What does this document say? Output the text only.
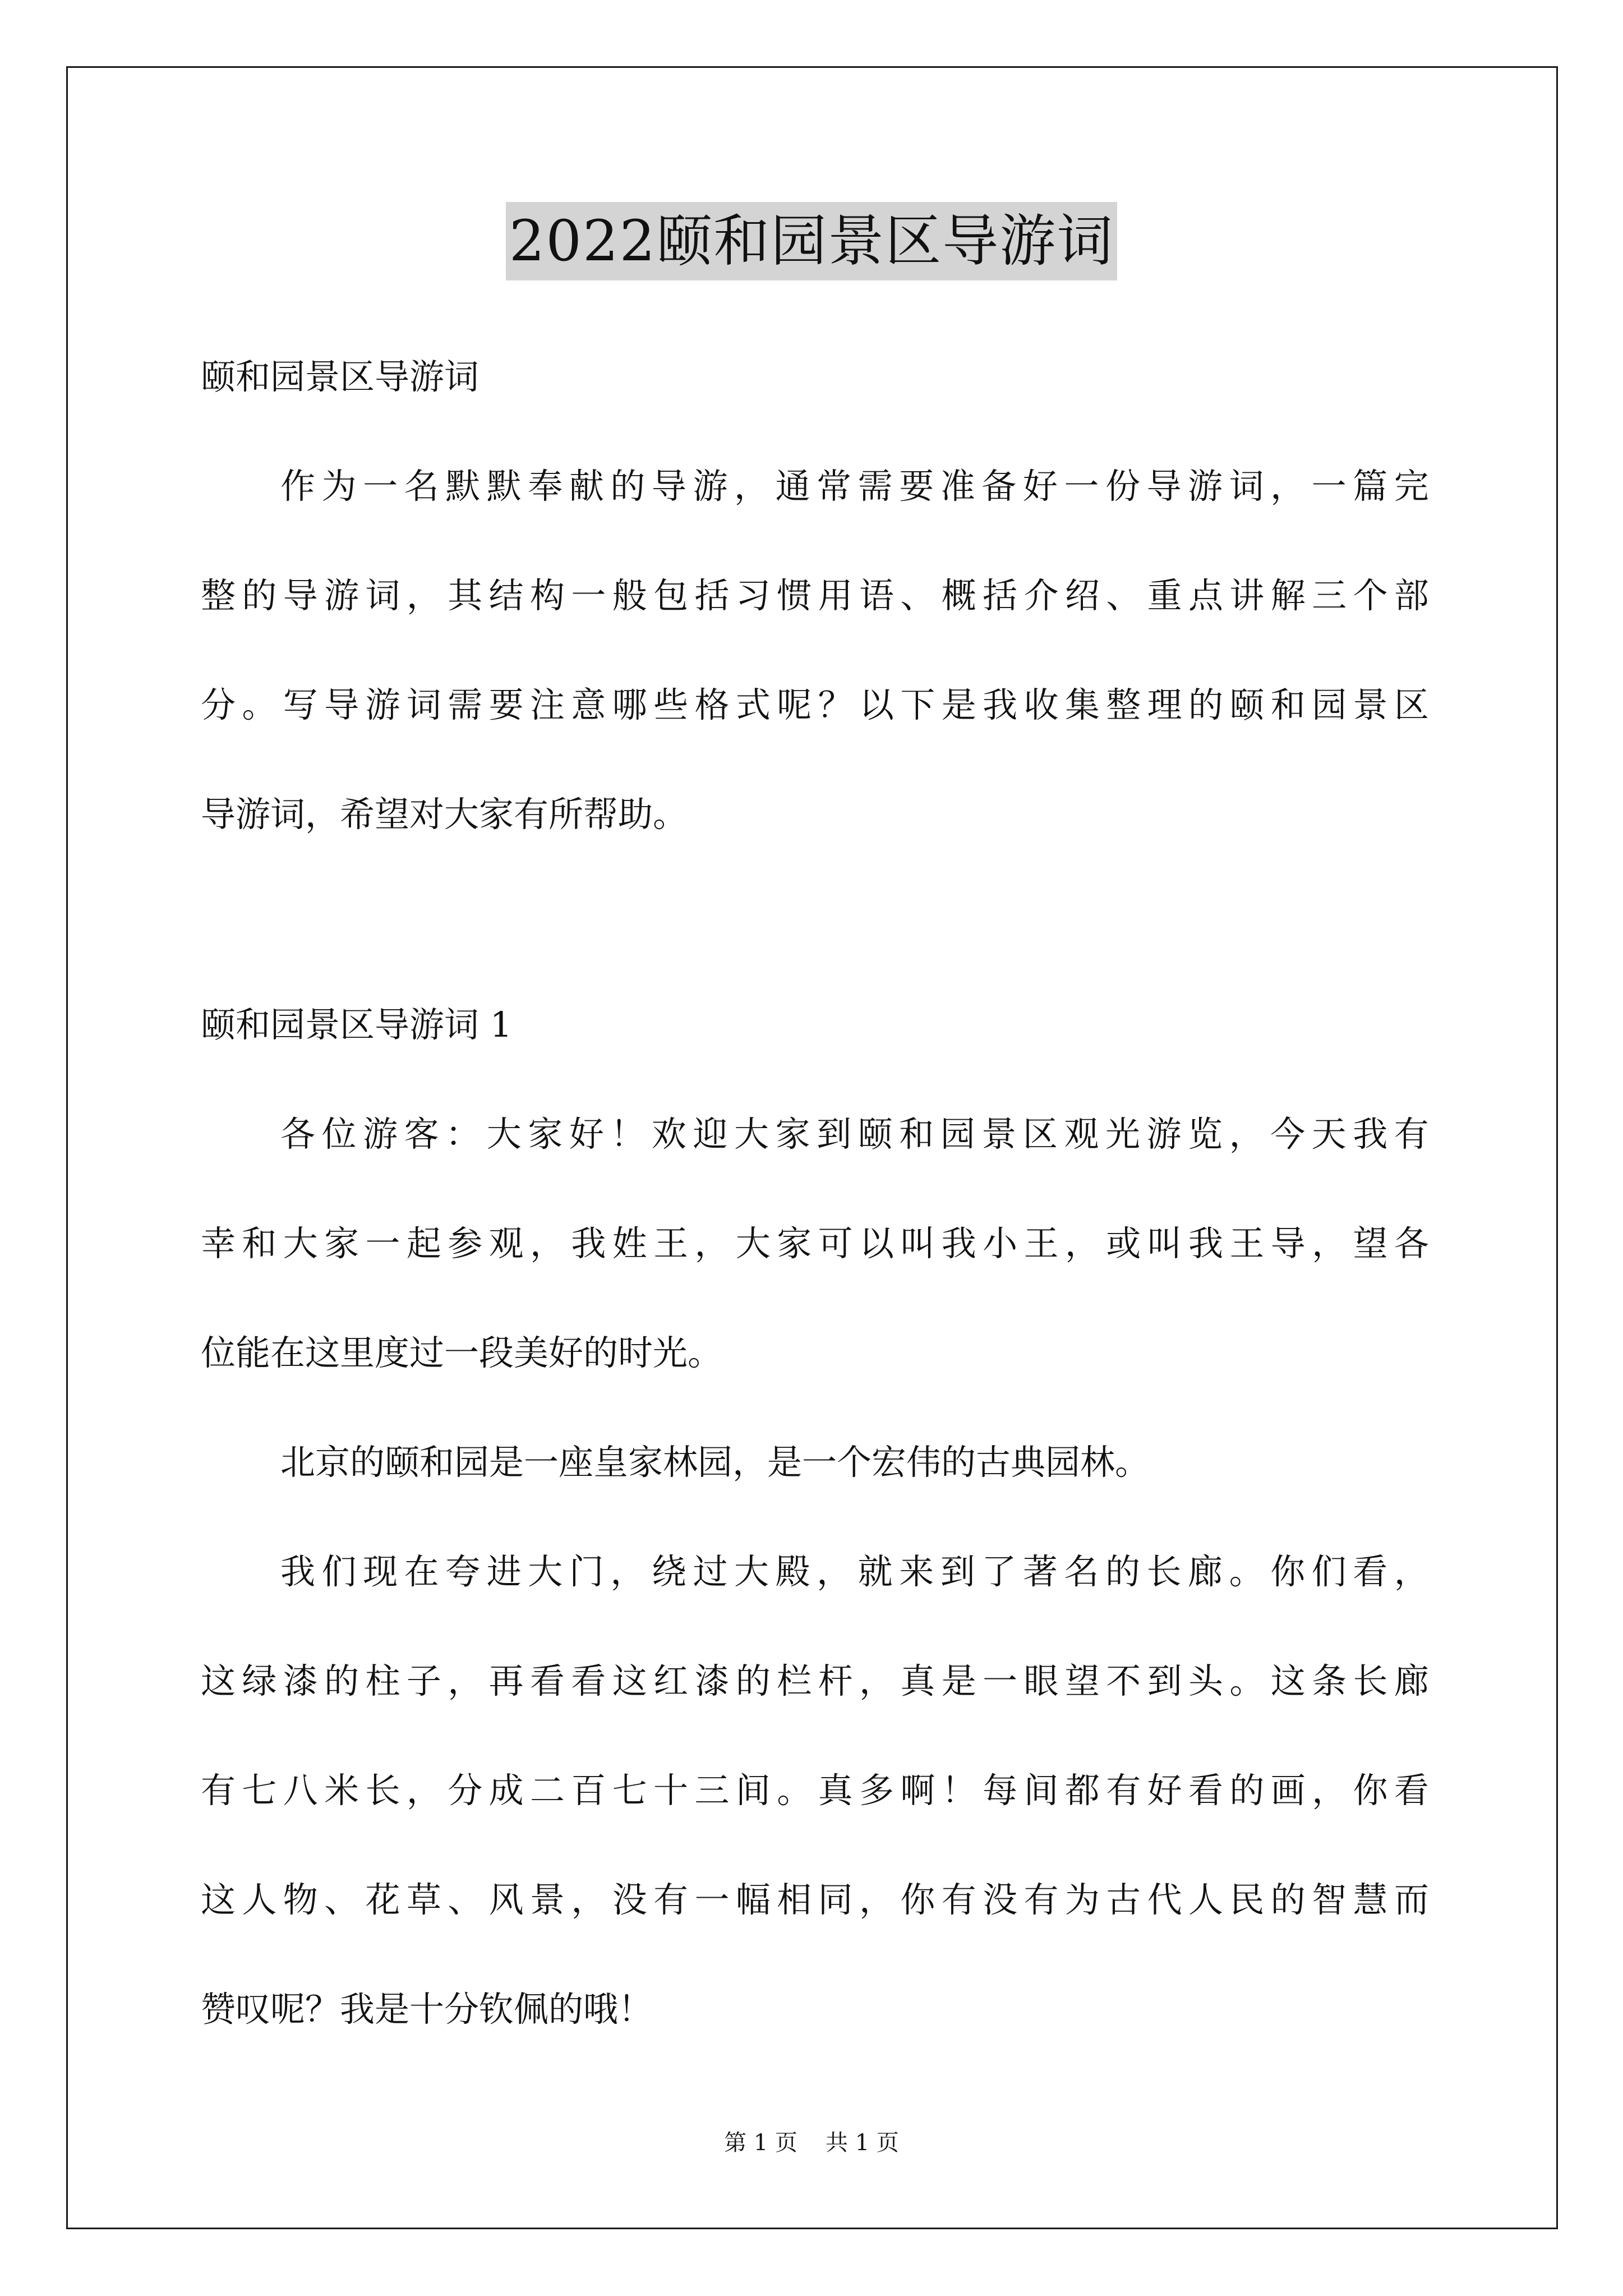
2022颐和园景区导游词
颐和园景区导游词
作 为 一 名 默 默 奉 献 的 导 游 ， 通 常 需 要 准 备 好 一 份 导 游 词 ， 一 篇 完
整 的 导 游 词 ， 其 结 构 一 般 包 括 习 惯 用 语 、 概 括 介 绍 、 重 点 讲 解 三 个 部
分 。 写 导 游 词 需 要 注 意 哪 些 格 式 呢 ？ 以 下 是 我 收 集 整 理 的 颐 和 园 景 区
导游词，希望对大家有所帮助。
颐和园景区导游词 1
各 位 游 客 ： 大 家 好 ！ 欢 迎 大 家 到 颐 和 园 景 区 观 光 游 览 ， 今 天 我 有
幸 和 大 家 一 起 参 观 ， 我 姓 王 ， 大 家 可 以 叫 我 小 王 ， 或 叫 我 王 导 ， 望 各
位能在这里度过一段美好的时光。
北京的颐和园是一座皇家林园，是一个宏伟的古典园林。
我 们 现 在 夸 进 大 门 ， 绕 过 大 殿 ， 就 来 到 了 著 名 的 长 廊 。 你 们 看 ，
这 绿 漆 的 柱 子 ， 再 看 看 这 红 漆 的 栏 杆 ， 真 是 一 眼 望 不 到 头 。 这 条 长 廊
有 七 八 米 长 ， 分 成 二 百 七 十 三 间 。 真 多 啊 ！ 每 间 都 有 好 看 的 画 ， 你 看
这 人 物 、 花 草 、 风 景 ， 没 有 一 幅 相 同 ， 你 有 没 有 为 古 代 人 民 的 智 慧 而
赞叹呢？我是十分钦佩的哦！
第 1 页 共 1 页
